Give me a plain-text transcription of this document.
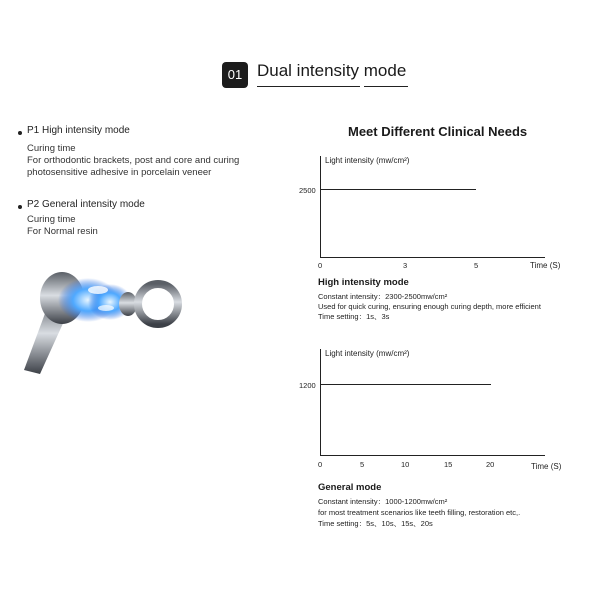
01 Dual intensity mode
P1 High intensity mode
Curing time
For orthodontic brackets, post and core and curing
photosensitive adhesive in porcelain veneer
P2 General intensity mode
Curing time
For Normal resin
Meet Different Clinical Needs
Light intensity (mw/cm²)
2500
0	3	5	Time (S)
High intensity mode
Constant intensity：2300-2500mw/cm²
Used for quick curing, ensuring enough curing depth, more efficient
Time setting：1s、3s
Light intensity (mw/cm²)
1200
0	5	10	15	20	Time (S)
General mode
Constant intensity：1000-1200mw/cm²
for most treatment scenarios like teeth filling, restoration etc,.
Time setting：5s、10s、15s、20s
